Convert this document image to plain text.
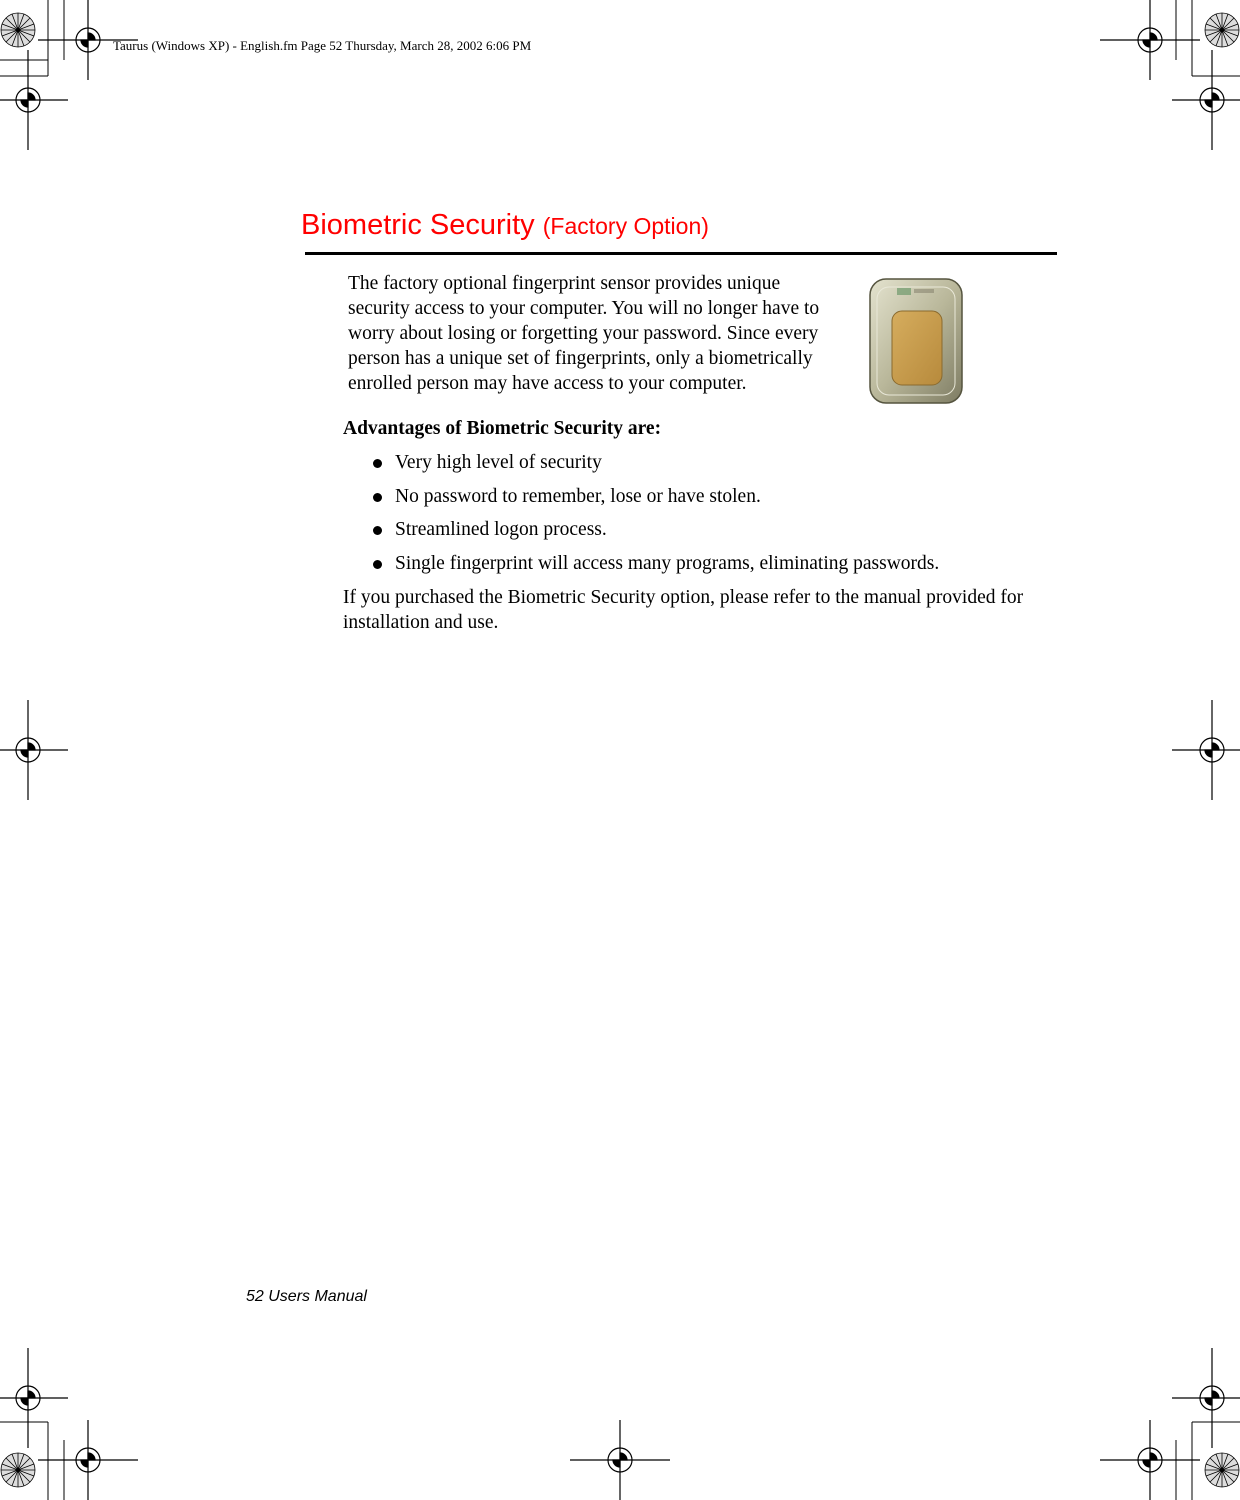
Taurus (Windows XP) - English.fm Page 52 Thursday, March 28, 2002 6:06 PM
Biometric Security (Factory Option)
The factory optional fingerprint sensor provides unique
security access to your computer. You will no longer have to
worry about losing or forgetting your password. Since every
person has a unique set of fingerprints, only a biometrically
enrolled person may have access to your computer.
Advantages of Biometric Security are:
Very high level of security
No password to remember, lose or have stolen.
Streamlined logon process.
Single fingerprint will access many programs, eliminating passwords.
If you purchased the Biometric Security option, please refer to the manual provided for
installation and use.
52 Users Manual
